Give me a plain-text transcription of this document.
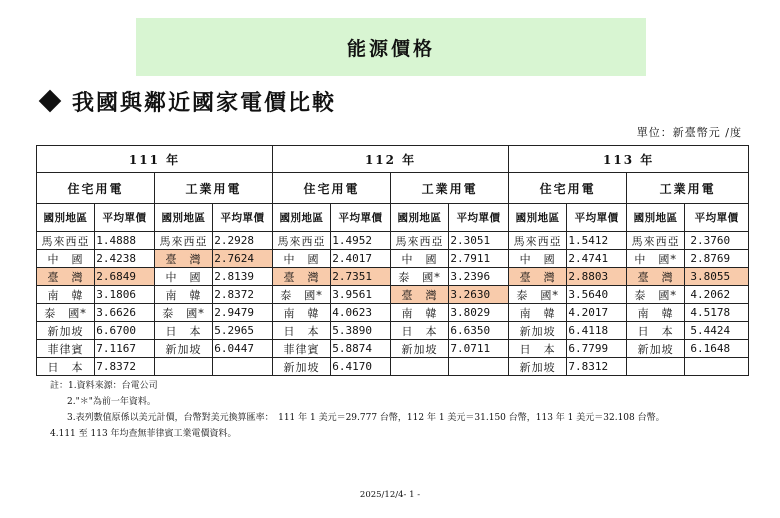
能源價格
我國與鄰近國家電價比較
單位：新臺幣元 /度
111 年				112 年				113 年			
住宅用電		工業用電		住宅用電		工業用電		住宅用電		工業用電	
國別地區	平均單價	國別地區	平均單價	國別地區	平均單價	國別地區	平均單價	國別地區	平均單價	國別地區	平均單價
馬來西亞	1.4888	馬來西亞	2.2928	馬來西亞	1.4952	馬來西亞	2.3051	馬來西亞	1.5412	馬來西亞	2.3760
中　國	2.4238	臺　灣	2.7624	中　國	2.4017	中　國	2.7911	中　國	2.4741	中　國*	2.8769
臺　灣	2.6849	中　國	2.8139	臺　灣	2.7351	泰　國*	3.2396	臺　灣	2.8803	臺　灣	3.8055
南　韓	3.1806	南　韓	2.8372	泰　國*	3.9561	臺　灣	3.2630	泰　國*	3.5640	泰　國*	4.2062
泰　國*	3.6626	泰　國*	2.9479	南　韓	4.0623	南　韓	3.8029	南　韓	4.2017	南　韓	4.5178
新加坡	6.6700	日　本	5.2965	日　本	5.3890	日　本	6.6350	新加坡	6.4118	日　本	5.4424
菲律賓	7.1167	新加坡	6.0447	菲律賓	5.8874	新加坡	7.0711	日　本	6.7799	新加坡	6.1648
日　本	7.8372			新加坡	6.4170			新加坡	7.8312		
註：1.資料來源：台電公司
2."＊"為前一年資料。
3.表列數值原係以美元計價，台幣對美元換算匯率：　111 年 1 美元＝29.777 台幣，112 年 1 美元＝31.150 台幣，113 年 1 美元＝32.108 台幣。
4.111 至 113 年均查無菲律賓工業電價資料。
2025/12/4- 1 -
